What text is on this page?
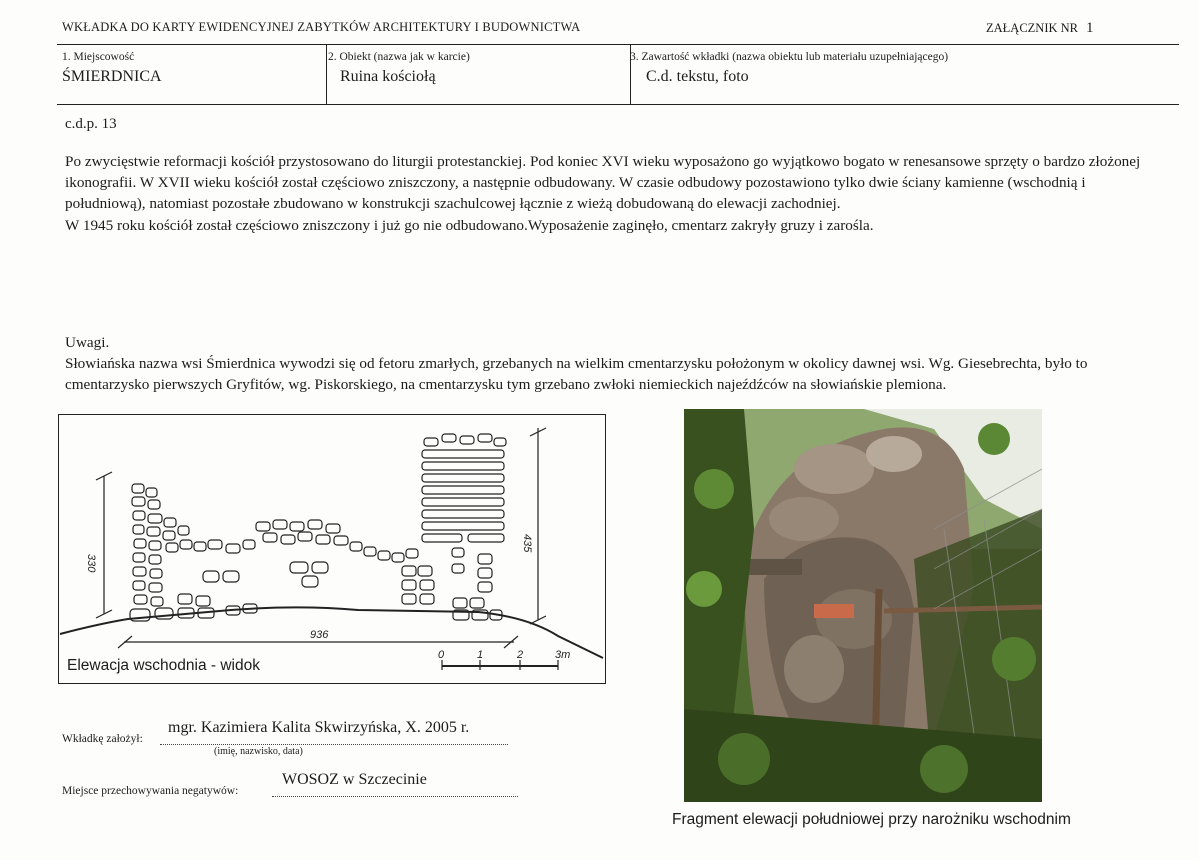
WKŁADKA DO KARTY EWIDENCYJNEJ ZABYTKÓW ARCHITEKTURY I BUDOWNICTWA	ZAŁĄCZNIK NR 1
1. Miejscowość
ŚMIERDNICA
2. Obiekt (nazwa jak w karcie)
Ruina kościołą
3. Zawartość wkładki (nazwa obiektu lub materiału uzupełniającego)
C.d. tekstu, foto
c.d.p. 13

Po zwycięstwie reformacji kościół przystosowano do liturgii protestanckiej. Pod koniec XVI wieku wyposażono go wyjątkowo bogato w renesansowe sprzęty o bardzo złożonej ikonografii. W XVII wieku kościół został częściowo zniszczony, a następnie odbudowany. W czasie odbudowy pozostawiono tylko dwie ściany kamienne (wschodnią i południową), natomiast pozostałe zbudowano w konstrukcji szachulcowej łącznie z wieżą dobudowaną do elewacji zachodniej.

W 1945 roku kościół został częściowo zniszczony i już go nie odbudowano.Wyposażenie zaginęło, cmentarz zakryły gruzy i zarośla.

Uwagi.

Słowiańska nazwa wsi Śmierdnica wywodzi się od fetoru zmarłych, grzebanych na wielkim cmentarzysku położonym w okolicy dawnej wsi. Wg. Giesebrechta, było to cmentarzysko pierwszych Gryfitów, wg. Piskorskiego, na cmentarzysku tym grzebano zwłoki niemieckich najeźdźców na słowiańskie plemiona.

330
435
936
0	1	2	3m
Elewacja wschodnia - widok
Fragment elewacji południowej przy narożniku wschodnim
Wkładkę założył:
mgr. Kazimiera Kalita Skwirzyńska, X. 2005 r.
(imię, nazwisko, data)
Miejsce przechowywania negatywów:
WOSOZ w Szczecinie
